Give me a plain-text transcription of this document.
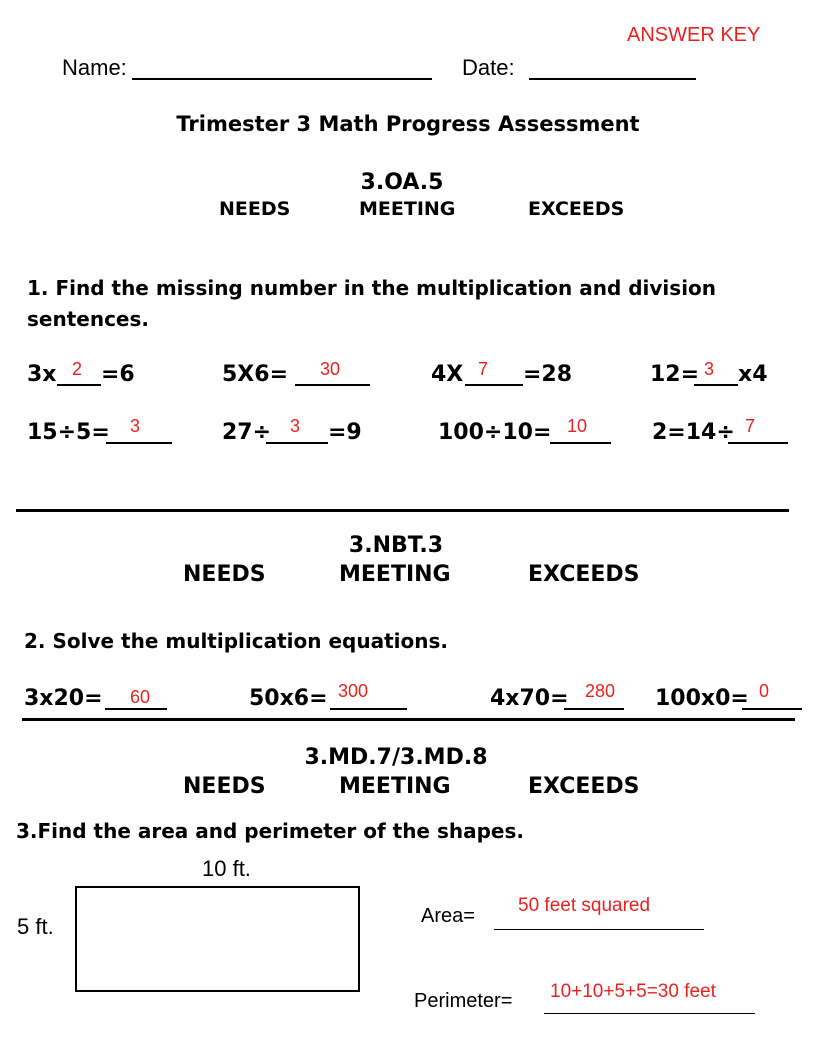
ANSWER KEY
Name:	Date:
Trimester 3 Math Progress Assessment
3.OA.5
NEEDS	MEETING	EXCEEDS
1. Find the missing number in the multiplication and division
sentences.
3x 2 =6	5X6= 30	4X 7 =28	12= 3 x4
15÷5= 3	27÷ 3 =9	100÷10= 10	2=14÷ 7
3.NBT.3
NEEDS	MEETING	EXCEEDS
2. Solve the multiplication equations.
3x20= 60	50x6= 300	4x70= 280 100x0= 0
3.MD.7/3.MD.8
NEEDS	MEETING	EXCEEDS
3.Find the area and perimeter of the shapes.
10 ft.
5 ft.	Area= 50 feet squared
Perimeter= 10+10+5+5=30 feet
